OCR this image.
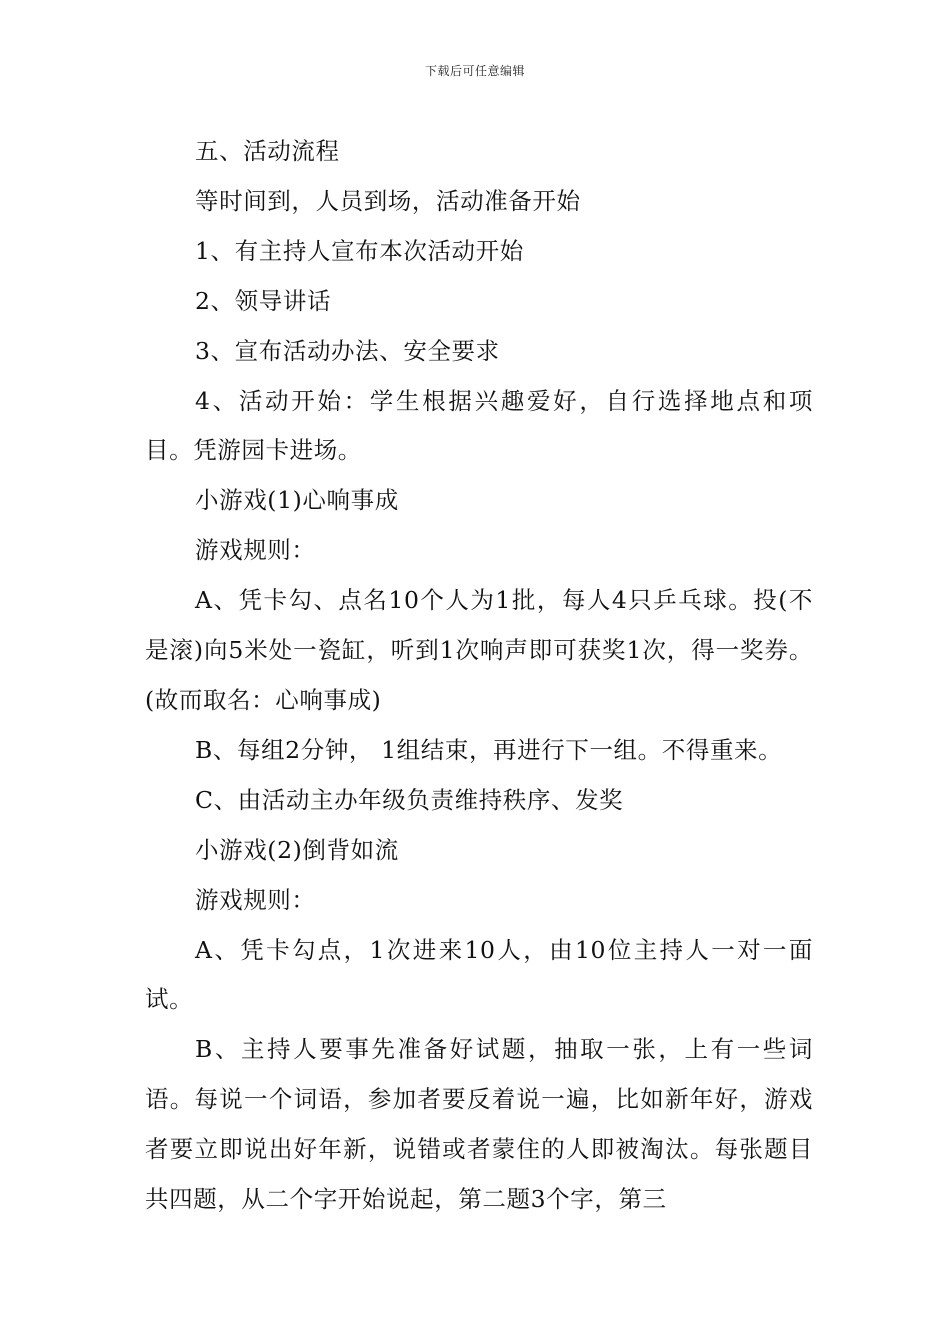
下载后可任意编辑

五、活动流程

等时间到，人员到场，活动准备开始

1、有主持人宣布本次活动开始

2、领导讲话

3、宣布活动办法、安全要求

4、活动开始：学生根据兴趣爱好，自行选择地点和项目。凭游园卡进场。

小游戏(1)心响事成

游戏规则：

A、凭卡勾、点名10个人为1批，每人4只乒乓球。投(不是滚)向5米处一瓷缸，听到1次响声即可获奖1次，得一奖券。(故而取名：心响事成)

B、每组2分钟， 1组结束，再进行下一组。不得重来。

C、由活动主办年级负责维持秩序、发奖

小游戏(2)倒背如流

游戏规则：

A、凭卡勾点，1次进来10人，由10位主持人一对一面试。

B、主持人要事先准备好试题，抽取一张，上有一些词语。每说一个词语，参加者要反着说一遍，比如新年好，游戏者要立即说出好年新，说错或者蒙住的人即被淘汰。每张题目共四题，从二个字开始说起，第二题3个字，第三
